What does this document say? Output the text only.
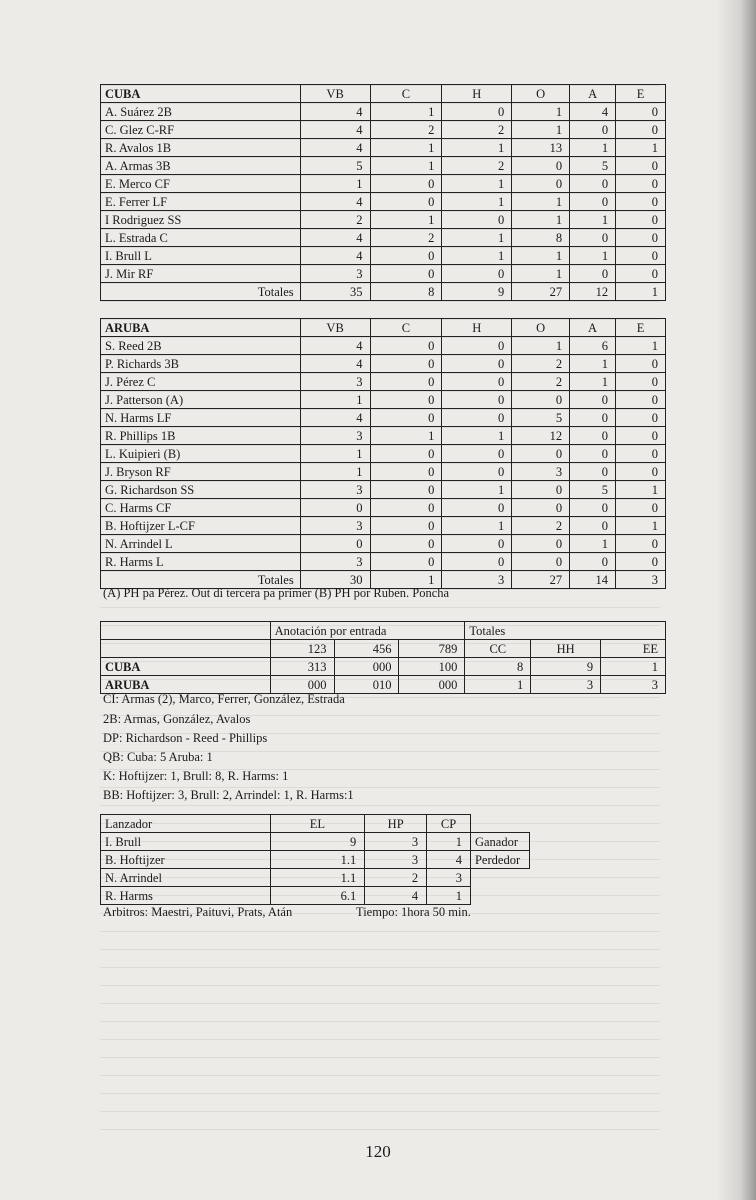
CUBA	VB	C	H	O	A	E
A. Suárez 2B	4	1	0	1	4	0
C. Glez C-RF	4	2	2	1	0	0
R. Avalos 1B	4	1	1	13	1	1
A. Armas 3B	5	1	2	0	5	0
E. Merco CF	1	0	1	0	0	0
E. Ferrer LF	4	0	1	1	0	0
I Rodriguez SS	2	1	0	1	1	0
L. Estrada C	4	2	1	8	0	0
I. Brull L	4	0	1	1	1	0
J. Mir RF	3	0	0	1	0	0
Totales	35	8	9	27	12	1
ARUBA	VB	C	H	O	A	E
S. Reed 2B	4	0	0	1	6	1
P. Richards 3B	4	0	0	2	1	0
J. Pérez C	3	0	0	2	1	0
J. Patterson (A)	1	0	0	0	0	0
N. Harms LF	4	0	0	5	0	0
R. Phillips 1B	3	1	1	12	0	0
L. Kuipieri (B)	1	0	0	0	0	0
J. Bryson RF	1	0	0	3	0	0
G. Richardson SS	3	0	1	0	5	1
C. Harms CF	0	0	0	0	0	0
B. Hoftijzer L-CF	3	0	1	2	0	1
N. Arrindel L	0	0	0	0	1	0
R. Harms L	3	0	0	0	0	0
Totales	30	1	3	27	14	3
(A) PH pa Pérez. Out di tercera pa primer (B) PH por Ruben. Poncha
	Anotación por entrada			Totales		
	123	456	789	CC	HH	EE
CUBA	313	000	100	8	9	1
ARUBA	000	010	000	1	3	3
CI: Armas (2), Marco, Ferrer, González, Estrada
2B: Armas, González, Avalos
DP: Richardson - Reed - Phillips
QB: Cuba: 5 Aruba: 1
K: Hoftijzer: 1, Brull: 8, R. Harms: 1
BB: Hoftijzer: 3, Brull: 2, Arrindel: 1, R. Harms:1
Lanzador	EL	HP	CP	
I. Brull	9	3	1	Ganador
B. Hoftijzer	1.1	3	4	Perdedor
N. Arrindel	1.1	2	3	
R. Harms	6.1	4	1	
Arbitros: Maestri, Paituvi, Prats, Atán	Tiempo: 1hora 50 min.
120
